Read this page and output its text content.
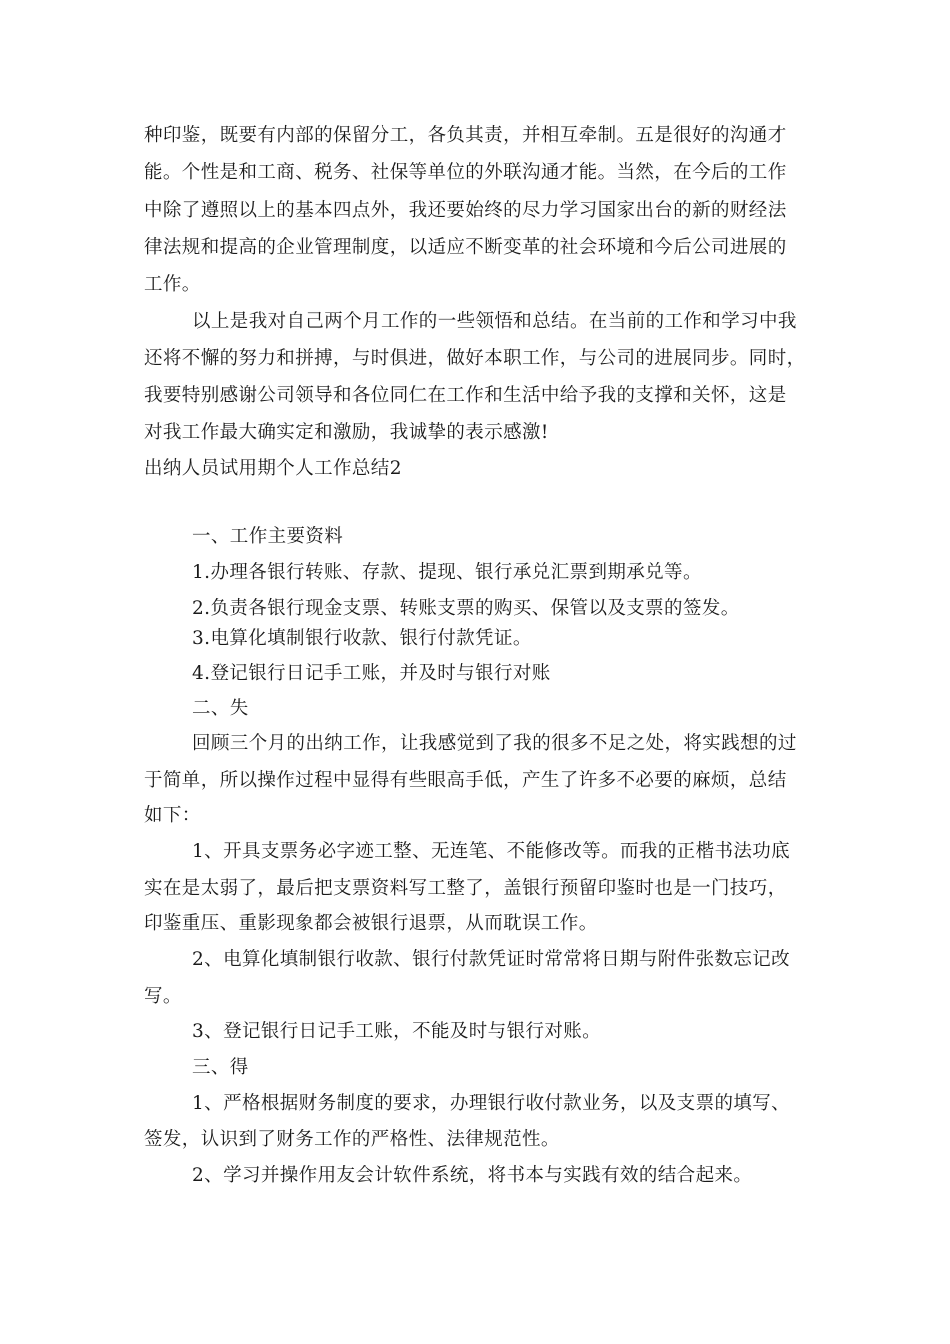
种印鉴，既要有内部的保留分工，各负其责，并相互牵制。五是很好的沟通才
能。个性是和工商、税务、社保等单位的外联沟通才能。当然，在今后的工作
中除了遵照以上的基本四点外，我还要始终的尽力学习国家出台的新的财经法
律法规和提高的企业管理制度，以适应不断变革的社会环境和今后公司进展的
工作。
以上是我对自己两个月工作的一些领悟和总结。在当前的工作和学习中我
还将不懈的努力和拼搏，与时俱进，做好本职工作，与公司的进展同步。同时，
我要特别感谢公司领导和各位同仁在工作和生活中给予我的支撑和关怀，这是
对我工作最大确实定和激励，我诚挚的表示感激!
出纳人员试用期个人工作总结2
一、工作主要资料
1.办理各银行转账、存款、提现、银行承兑汇票到期承兑等。
2.负责各银行现金支票、转账支票的购买、保管以及支票的签发。
3.电算化填制银行收款、银行付款凭证。
4.登记银行日记手工账，并及时与银行对账
二、失
回顾三个月的出纳工作，让我感觉到了我的很多不足之处，将实践想的过
于简单，所以操作过程中显得有些眼高手低，产生了许多不必要的麻烦，总结
如下：
1、开具支票务必字迹工整、无连笔、不能修改等。而我的正楷书法功底
实在是太弱了，最后把支票资料写工整了，盖银行预留印鉴时也是一门技巧，
印鉴重压、重影现象都会被银行退票，从而耽误工作。
2、电算化填制银行收款、银行付款凭证时常常将日期与附件张数忘记改
写。
3、登记银行日记手工账，不能及时与银行对账。
三、得
1、严格根据财务制度的要求，办理银行收付款业务，以及支票的填写、
签发，认识到了财务工作的严格性、法律规范性。
2、学习并操作用友会计软件系统，将书本与实践有效的结合起来。
